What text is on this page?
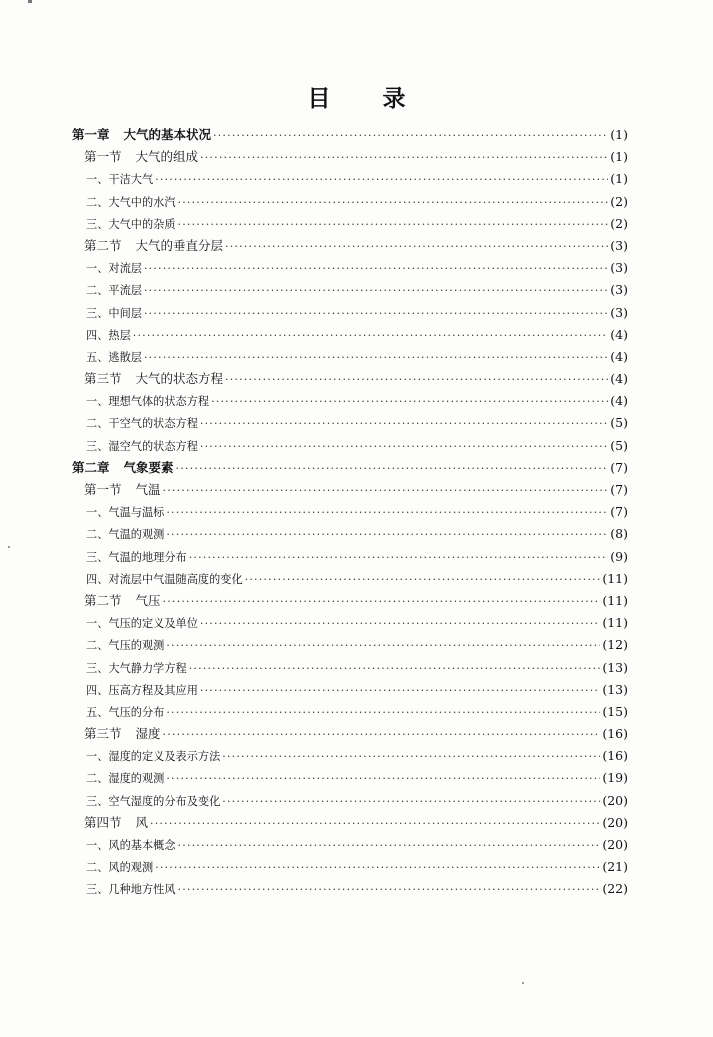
目 录
第一章 大气的基本状况 ·····	(1)
第一节 大气的组成 ·····	(1)
一、干洁大气 ·····	(1)
二、大气中的水汽 ·····	(2)
三、大气中的杂质 ·····	(2)
第二节 大气的垂直分层 ·····	(3)
一、对流层 ·····	(3)
二、平流层 ·····	(3)
三、中间层 ·····	(3)
四、热层 ·····	(4)
五、逃散层 ·····	(4)
第三节 大气的状态方程 ·····	(4)
一、理想气体的状态方程 ·····	(4)
二、干空气的状态方程 ·····	(5)
三、湿空气的状态方程 ·····	(5)
第二章 气象要素 ·····	(7)
第一节 气温 ·····	(7)
一、气温与温标 ·····	(7)
二、气温的观测 ·····	(8)
三、气温的地理分布 ·····	(9)
四、对流层中气温随高度的变化 ·····	(11)
第二节 气压 ·····	(11)
一、气压的定义及单位 ·····	(11)
二、气压的观测 ·····	(12)
三、大气静力学方程 ·····	(13)
四、压高方程及其应用 ·····	(13)
五、气压的分布 ·····	(15)
第三节 湿度 ·····	(16)
一、湿度的定义及表示方法 ·····	(16)
二、湿度的观测 ·····	(19)
三、空气湿度的分布及变化 ·····	(20)
第四节 风 ·····	(20)
一、风的基本概念 ·····	(20)
二、风的观测 ·····	(21)
三、几种地方性风 ·····	(22)
